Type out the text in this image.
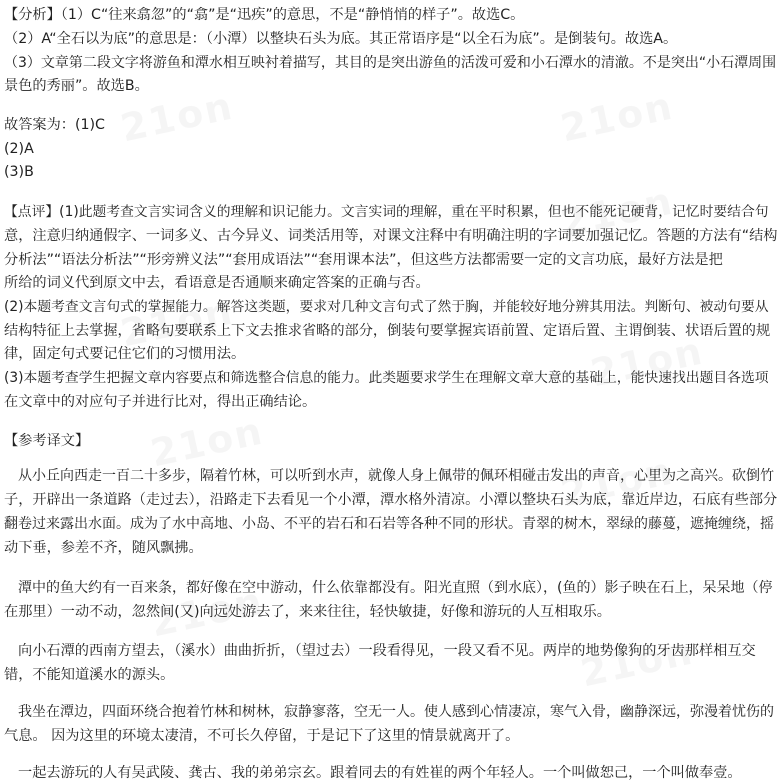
【分析】（1）C“往来翕忽”的“翕”是“迅疾”的意思，不是“静悄悄的样子”。故选C。
（2）A“全石以为底”的意思是：（小潭）以整块石头为底。其正常语序是“以全石为底”。是倒装句。故选A。
（3）文章第二段文字将游鱼和潭水相互映衬着描写，其目的是突出游鱼的活泼可爱和小石潭水的清澈。不是突出“小石潭周围
景色的秀丽”。故选B。
故答案为：(1)C
(2)A
(3)B
【点评】(1)此题考查文言实词含义的理解和识记能力。文言实词的理解，重在平时积累，但也不能死记硬背，记忆时要结合句
意，注意归纳通假字、一词多义、古今异义、词类活用等，对课文注释中有明确注明的字词要加强记忆。答题的方法有“结构
分析法”“语法分析法”“形旁辨义法”“套用成语法”“套用课本法”，但这些方法都需要一定的文言功底，最好方法是把
所给的词义代到原文中去，看语意是否通顺来确定答案的正确与否。
(2)本题考查文言句式的掌握能力。解答这类题，要求对几种文言句式了然于胸，并能较好地分辨其用法。判断句、被动句要从
结构特征上去掌握，省略句要联系上下文去推求省略的部分，倒装句要掌握宾语前置、定语后置、主谓倒装、状语后置的规
律，固定句式要记住它们的习惯用法。
(3)本题考查学生把握文章内容要点和筛选整合信息的能力。此类题要求学生在理解文章大意的基础上，能快速找出题目各选项
在文章中的对应句子并进行比对，得出正确结论。
【参考译文】
从小丘向西走一百二十多步，隔着竹林，可以听到水声，就像人身上佩带的佩环相碰击发出的声音，心里为之高兴。砍倒竹
子，开辟出一条道路（走过去），沿路走下去看见一个小潭，潭水格外清凉。小潭以整块石头为底，靠近岸边，石底有些部分
翻卷过来露出水面。成为了水中高地、小岛、不平的岩石和石岩等各种不同的形状。青翠的树木，翠绿的藤蔓，遮掩缠绕，摇
动下垂，参差不齐，随风飘拂。
潭中的鱼大约有一百来条，都好像在空中游动，什么依靠都没有。阳光直照（到水底），(鱼的）影子映在石上，呆呆地（停
在那里）一动不动，忽然间(又)向远处游去了，来来往往，轻快敏捷，好像和游玩的人互相取乐。
向小石潭的西南方望去，（溪水）曲曲折折，（望过去）一段看得见，一段又看不见。两岸的地势像狗的牙齿那样相互交
错，不能知道溪水的源头。
我坐在潭边，四面环绕合抱着竹林和树林，寂静寥落，空无一人。使人感到心情凄凉，寒气入骨，幽静深远，弥漫着忧伤的
气息。 因为这里的环境太凄清，不可长久停留，于是记下了这里的情景就离开了。
一起去游玩的人有吴武陵、龚古、我的弟弟宗玄。跟着同去的有姓崔的两个年轻人。一个叫做恕己，一个叫做奉壹。
